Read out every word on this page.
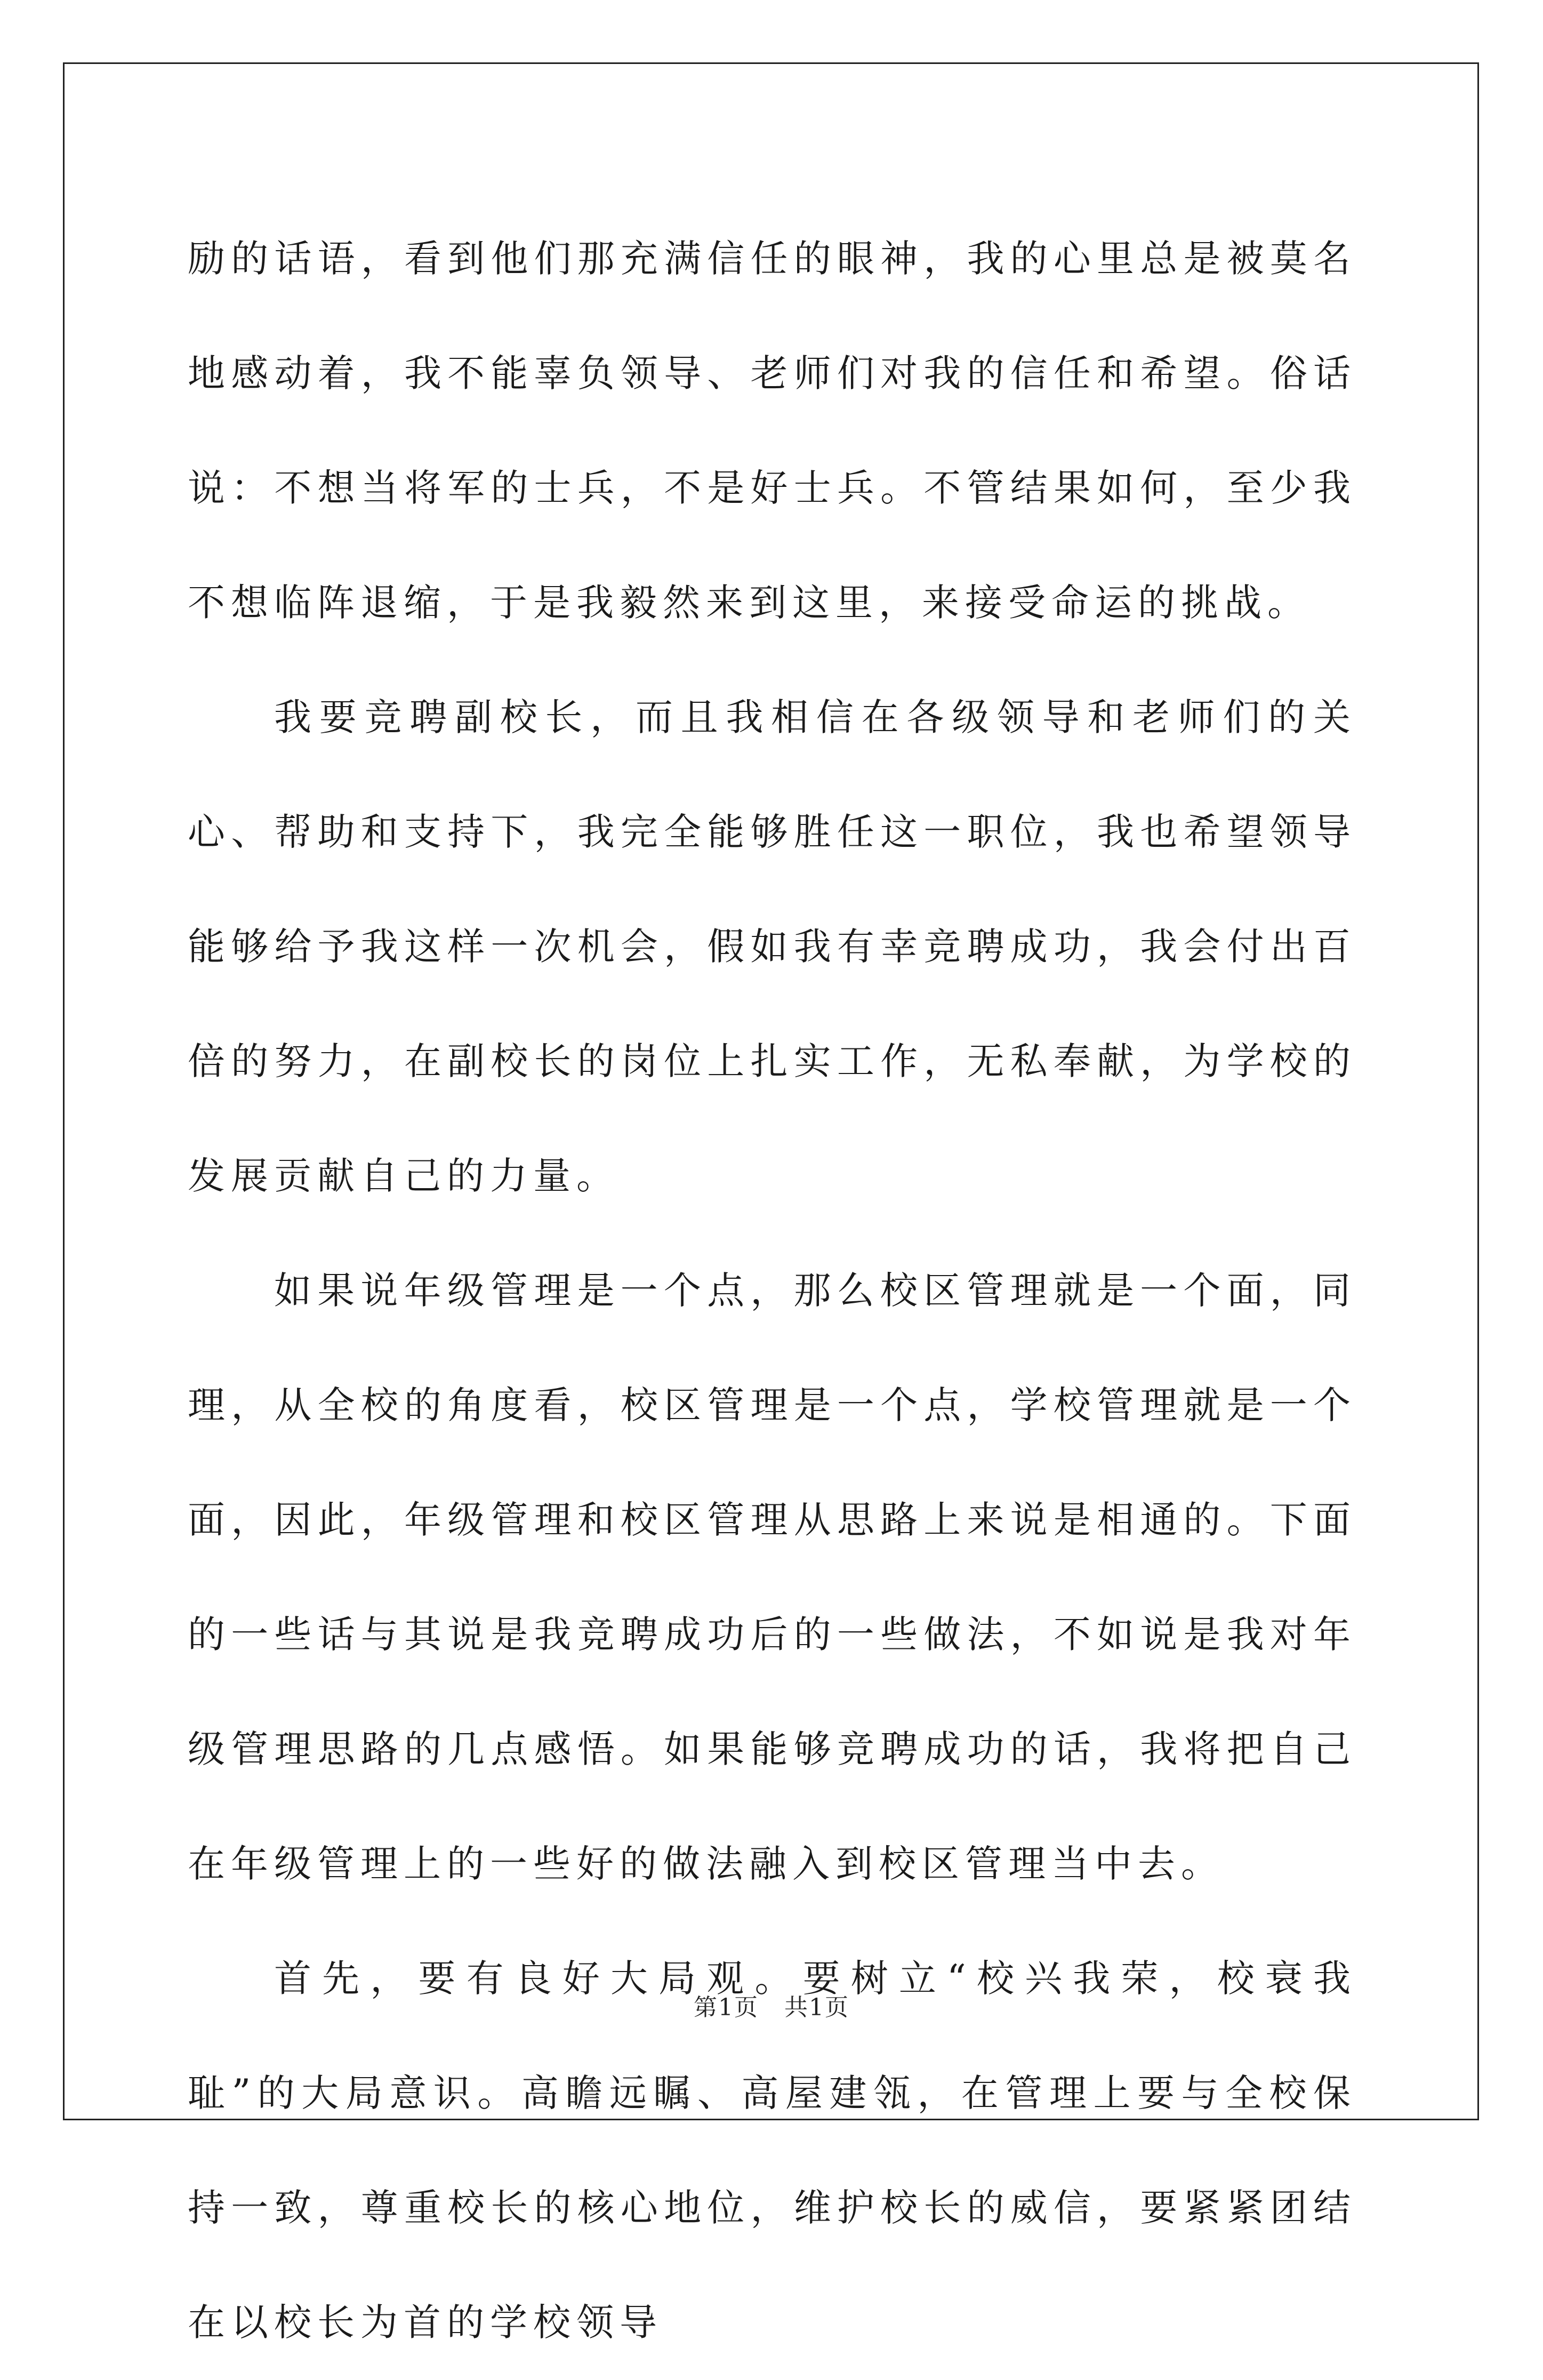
励的话语，看到他们那充满信任的眼神，我的心里总是被莫名地感动着，我不能辜负领导、老师们对我的信任和希望。俗话说：不想当将军的士兵，不是好士兵。不管结果如何，至少我不想临阵退缩，于是我毅然来到这里，来接受命运的挑战。

我要竞聘副校长，而且我相信在各级领导和老师们的关心、帮助和支持下，我完全能够胜任这一职位，我也希望领导能够给予我这样一次机会，假如我有幸竞聘成功，我会付出百倍的努力，在副校长的岗位上扎实工作，无私奉献，为学校的发展贡献自己的力量。

如果说年级管理是一个点，那么校区管理就是一个面，同理，从全校的角度看，校区管理是一个点，学校管理就是一个面，因此，年级管理和校区管理从思路上来说是相通的。下面的一些话与其说是我竞聘成功后的一些做法，不如说是我对年级管理思路的几点感悟。如果能够竞聘成功的话，我将把自己在年级管理上的一些好的做法融入到校区管理当中去。

首先，要有良好大局观。要树立“校兴我荣，校衰我耻”的大局意识。高瞻远瞩、高屋建瓴，在管理上要与全校保持一致，尊重校长的核心地位，维护校长的威信，要紧紧团结在以校长为首的学校领导

第1页   共1页
